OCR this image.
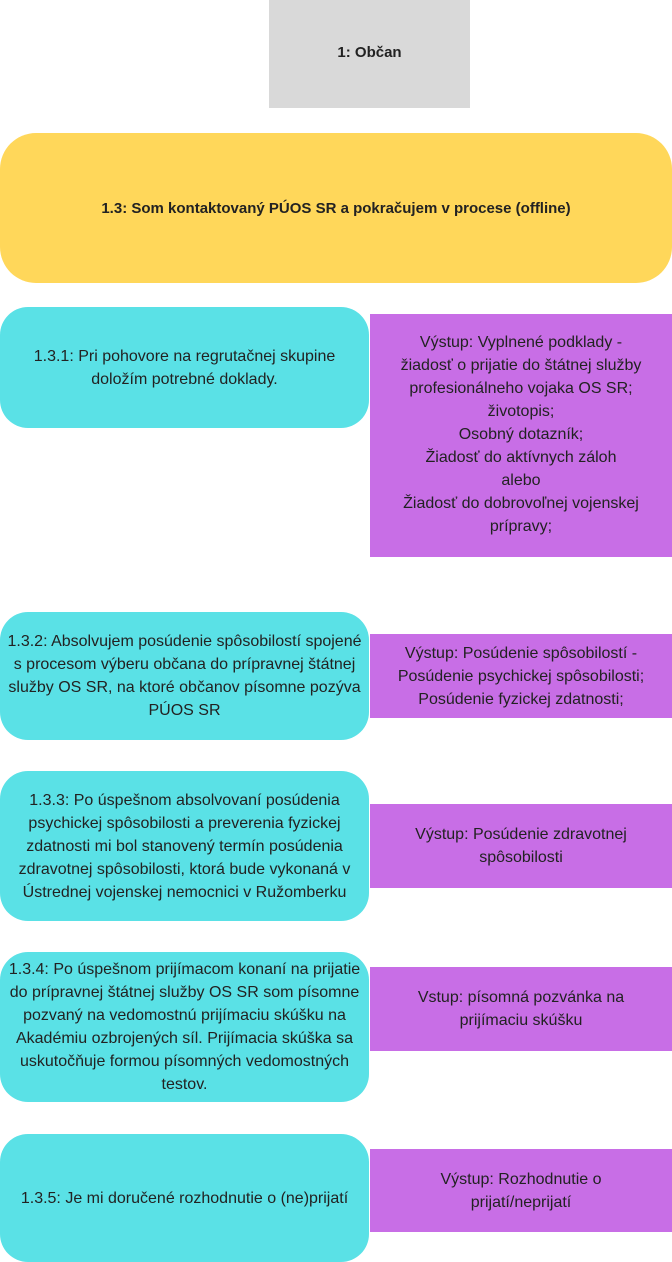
1: Občan
1.3: Som kontaktovaný PÚOS SR a pokračujem v procese (offline)
1.3.1: Pri pohovore na regrutačnej skupine doložím potrebné doklady.
Výstup: Vyplnené podklady -
žiadosť o prijatie do štátnej služby
profesionálneho vojaka OS SR;
životopis;
Osobný dotazník;
Žiadosť do aktívnych záloh
alebo
Žiadosť do dobrovoľnej vojenskej
prípravy;
1.3.2: Absolvujem posúdenie spôsobilostí spojené s procesom výberu občana do prípravnej štátnej služby OS SR, na ktoré občanov písomne pozýva PÚOS SR
Výstup: Posúdenie spôsobilostí -
Posúdenie psychickej spôsobilosti;
Posúdenie fyzickej zdatnosti;
1.3.3: Po úspešnom absolvovaní posúdenia psychickej spôsobilosti a preverenia fyzickej zdatnosti mi bol stanovený termín posúdenia zdravotnej spôsobilosti, ktorá bude vykonaná v Ústrednej vojenskej nemocnici v Ružomberku
Výstup: Posúdenie zdravotnej
spôsobilosti
1.3.4: Po úspešnom prijímacom konaní na prijatie do prípravnej štátnej služby OS SR som písomne pozvaný na vedomostnú prijímaciu skúšku na Akadémiu ozbrojených síl. Prijímacia skúška sa uskutočňuje formou písomných vedomostných testov.
Vstup: písomná pozvánka na
prijímaciu skúšku
1.3.5: Je mi doručené rozhodnutie o (ne)prijatí
Výstup: Rozhodnutie o
prijatí/neprijatí
